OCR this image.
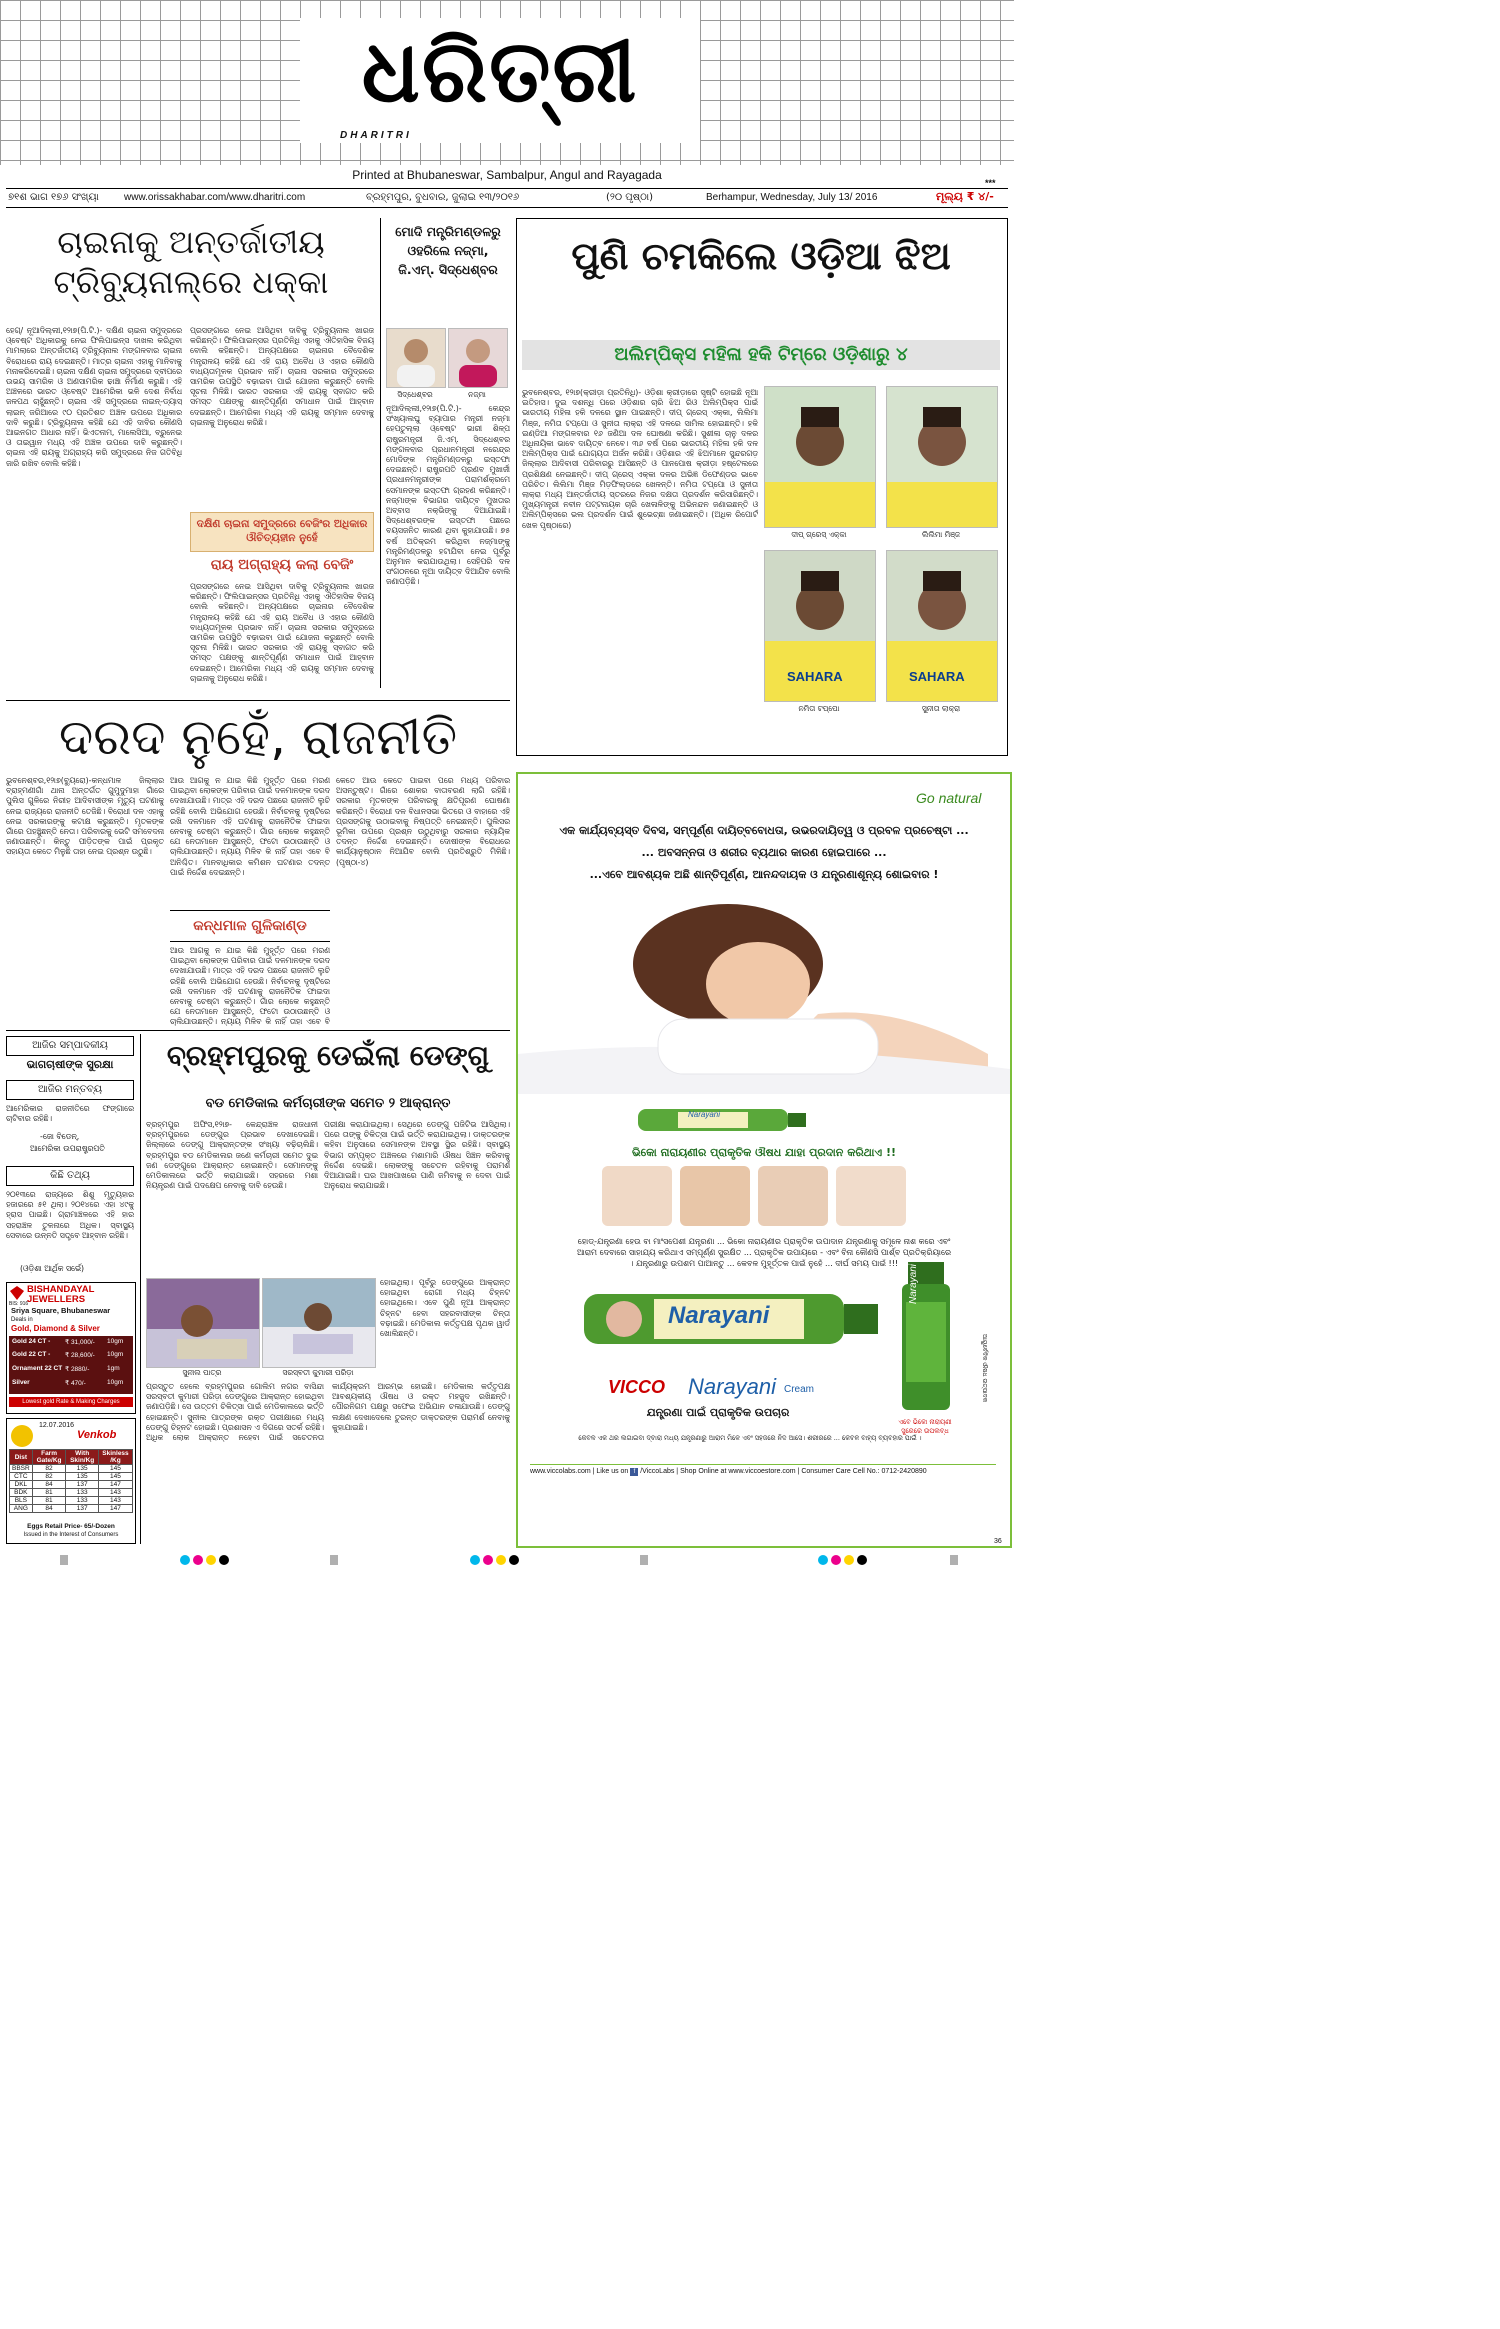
ଧରିତ୍ରୀ
DHARITRI
Printed at Bhubaneswar, Sambalpur, Angul and Rayagada
***
୭୧ଶ ଭାଗ ୧୭୬ ସଂଖ୍ୟା	www.orissakhabar.com/www.dharitri.com	ବ୍ରହ୍ମପୁର, ବୁଧବାର, ଜୁଲାଇ ୧୩/୨୦୧୬	(୨୦ ପୃଷ୍ଠା)	Berhampur, Wednesday, July 13/ 2016	ମୂଲ୍ୟ ₹ ୪/-
ଚାଇନାକୁ ଅନ୍ତର୍ଜାତୀୟ
ଟ୍ରିବ୍ୟୁନାଲ୍‌ରେ ଧକ୍କା
ହେଗ୍‌/ ନୂଆଦିଲ୍ଲୀ,୧୨ା୭(ପି.ଟି.)- ଦକ୍ଷିଣ ଚାଇନା ସମୁଦ୍ରରେ ଓ୍ବେଷ୍ଟ ଅଧିକାରକୁ ନେଇ ଫିଲିପାଇନ୍‌ସ ଦାଖଲ କରିଥିବା ମାମଲାରେ ଅନ୍ତର୍ଜାତୀୟ ଟ୍ରିବ୍ୟୁନାଲ ମଙ୍ଗଳବାର ଚାଇନା ବିରୋଧରେ ରାୟ ଦେଇଛନ୍ତି। ମାତ୍ର ଚାଇନା ଏହାକୁ ମାନିବାକୁ ମନାକରିଦେଇଛି। ଚାଇନା ଦକ୍ଷିଣ ଚାଇନା ସମୁଦ୍ରରେ ଦ୍ବୀପରେ ଉଭୟ ସାମରିକ ଓ ଅଣସାମରିକ ଢାଞ୍ଚା ନିର୍ମାଣ କରୁଛି। ଏହି ଅଞ୍ଚଳରେ ଭାରତ ଓ୍ବେଷ୍ଟ ଆମେରିକା ଭଳି ଦେଶ ନିର୍ବାଧ ଜଳପଥ ଚାହୁଁଛନ୍ତି। ଚାଇନା ଏହି ସମୁଦ୍ରରେ ନାଇନ୍-ଡ୍ୟାସ୍ ଲାଇନ୍ ଜରିଆରେ ୯୦ ପ୍ରତିଶତ ଅଞ୍ଚଳ ଉପରେ ଅଧିକାର ଦାବି କରୁଛି। ଟ୍ରିବ୍ୟୁନାଲ କହିଛି ଯେ ଏହି ଦାବିର କୌଣସି ଆଇନଗତ ଆଧାର ନାହିଁ। ଭିଏତନାମ, ମାଲେସିଆ, ବ୍ରୁନେଇ ଓ ତାଇୱାନ ମଧ୍ୟ ଏହି ଅଞ୍ଚଳ ଉପରେ ଦାବି କରୁଛନ୍ତି। ଚାଇନା ଏହି ରାୟକୁ ଅଗ୍ରାହ୍ୟ କରି ସମୁଦ୍ରରେ ନିଜ ଗତିବିଧି ଜାରି ରଖିବ ବୋଲି କହିଛି।
ପ୍ରସଙ୍ଗରେ ନେଇ ଆସିଥିବା ଦାବିକୁ ଟ୍ରିବ୍ୟୁନାଲ ଖାରଜ କରିଛନ୍ତି। ଫିଲିପାଇନ୍‌ସର ପ୍ରତିନିଧି ଏହାକୁ ଐତିହାସିକ ବିଜୟ ବୋଲି କହିଛନ୍ତି। ଅନ୍ୟପକ୍ଷରେ ଚାଇନାର ବୈଦେଶିକ ମନ୍ତ୍ରାଳୟ କହିଛି ଯେ ଏହି ରାୟ ଅବୈଧ ଓ ଏହାର କୌଣସି ବାଧ୍ୟତାମୂଳକ ପ୍ରଭାବ ନାହିଁ। ଚାଇନା ସରକାର ସମୁଦ୍ରରେ ସାମରିକ ଉପସ୍ଥିତି ବଢ଼ାଇବା ପାଇଁ ଯୋଜନା କରୁଛନ୍ତି ବୋଲି ସୂଚନା ମିଳିଛି। ଭାରତ ସରକାର ଏହି ରାୟକୁ ସ୍ବାଗତ କରି ସମସ୍ତ ପକ୍ଷଙ୍କୁ ଶାନ୍ତିପୂର୍ଣ୍ଣ ସମାଧାନ ପାଇଁ ଆହ୍ବାନ ଦେଇଛନ୍ତି। ଆମେରିକା ମଧ୍ୟ ଏହି ରାୟକୁ ସମ୍ମାନ ଦେବାକୁ ଚାଇନାକୁ ଅନୁରୋଧ କରିଛି।
ଦକ୍ଷିଣ ଚାଇନା ସମୁଦ୍ରରେ ବେଜିଂର ଅଧିକାର ଔଚିତ୍ୟହୀନ ନୁହେଁ
ରାୟ ଅଗ୍ରାହ୍ୟ କଲା ବେଜିଂ
ପ୍ରସଙ୍ଗରେ ନେଇ ଆସିଥିବା ଦାବିକୁ ଟ୍ରିବ୍ୟୁନାଲ ଖାରଜ କରିଛନ୍ତି। ଫିଲିପାଇନ୍‌ସର ପ୍ରତିନିଧି ଏହାକୁ ଐତିହାସିକ ବିଜୟ ବୋଲି କହିଛନ୍ତି। ଅନ୍ୟପକ୍ଷରେ ଚାଇନାର ବୈଦେଶିକ ମନ୍ତ୍ରାଳୟ କହିଛି ଯେ ଏହି ରାୟ ଅବୈଧ ଓ ଏହାର କୌଣସି ବାଧ୍ୟତାମୂଳକ ପ୍ରଭାବ ନାହିଁ। ଚାଇନା ସରକାର ସମୁଦ୍ରରେ ସାମରିକ ଉପସ୍ଥିତି ବଢ଼ାଇବା ପାଇଁ ଯୋଜନା କରୁଛନ୍ତି ବୋଲି ସୂଚନା ମିଳିଛି। ଭାରତ ସରକାର ଏହି ରାୟକୁ ସ୍ବାଗତ କରି ସମସ୍ତ ପକ୍ଷଙ୍କୁ ଶାନ୍ତିପୂର୍ଣ୍ଣ ସମାଧାନ ପାଇଁ ଆହ୍ବାନ ଦେଇଛନ୍ତି। ଆମେରିକା ମଧ୍ୟ ଏହି ରାୟକୁ ସମ୍ମାନ ଦେବାକୁ ଚାଇନାକୁ ଅନୁରୋଧ କରିଛି।
ମୋଦି ମନ୍ତ୍ରିମଣ୍ଡଳରୁ
ଓହରିଲେ ନଜ୍‌ମା,
ଜି.ଏମ୍. ସିଦ୍ଧେଶ୍ବର
ସିଦ୍ଧେଶ୍ବର	ନଜ୍‌ମା
ନୂଆଦିଲ୍ଲୀ,୧୨ା୭(ପି.ଟି.)- କେନ୍ଦ୍ର ସଂଖ୍ୟାଲଘୁ ବ୍ୟାପାର ମନ୍ତ୍ରୀ ନଜ୍‌ମା ହେପତୁଲ୍ଲା ଓ୍ବେଷ୍ଟ ଭାରୀ ଶିଳ୍ପ ରାଷ୍ଟ୍ରମନ୍ତ୍ରୀ ଜି.ଏମ୍. ସିଦ୍ଧେଶ୍ବର ମଙ୍ଗଳବାର ପ୍ରଧାନମନ୍ତ୍ରୀ ନରେନ୍ଦ୍ର ମୋଦିଙ୍କ ମନ୍ତ୍ରିମଣ୍ଡଳରୁ ଇସ୍ତଫା ଦେଇଛନ୍ତି। ରାଷ୍ଟ୍ରପତି ପ୍ରଣବ ମୁଖାର୍ଜୀ ପ୍ରଧାନମନ୍ତ୍ରୀଙ୍କ ପରାମର୍ଶକ୍ରମେ ସେମାନଙ୍କ ଇସ୍ତଫା ଗ୍ରହଣ କରିଛନ୍ତି। ନଜ୍‌ମାଙ୍କ ବିଭାଗର ଦାୟିତ୍ବ ମୁଖତାର ଅବ୍ବାସ ନକ୍‌ଭିଙ୍କୁ ଦିଆଯାଇଛି। ସିଦ୍ଧେଶ୍ବରଙ୍କ ଇସ୍ତଫା ପଛରେ ବୟସଜନିତ କାରଣ ଥିବା କୁହାଯାଉଛି। ୭୫ ବର୍ଷ ଅତିକ୍ରମ କରିଥିବା ନଜ୍‌ମାଙ୍କୁ ମନ୍ତ୍ରିମଣ୍ଡଳରୁ ହଟାଯିବା ନେଇ ପୂର୍ବରୁ ଅନୁମାନ କରାଯାଉଥିଲା। ସେହିପରି ଦଳ ସଂଗଠନରେ ନୂଆ ଦାୟିତ୍ବ ଦିଆଯିବ ବୋଲି ଜଣାପଡ଼ିଛି।
ପୁଣି ଚମକିଲେ ଓଡ଼ିଆ ଝିଅ
ଅଲିମ୍ପିକ୍ସ ମହିଳା ହକି ଟିମ୍‌ରେ ଓଡ଼ିଶାରୁ ୪
ଭୁବନେଶ୍ବର, ୧୨ା୭(କ୍ରୀଡ଼ା ପ୍ରତିନିଧି)- ଓଡ଼ିଶା କ୍ରୀଡ଼ାରେ ସୃଷ୍ଟି ହୋଇଛି ନୂଆ ଇତିହାସ। ଦୁଇ ଦଶନ୍ଧି ପରେ ଓଡ଼ିଶାର ଚାରି ଝିଅ ରିଓ ଅଲିମ୍ପିକ୍ସ ପାଇଁ ଭାରତୀୟ ମହିଳା ହକି ଦଳରେ ସ୍ଥାନ ପାଇଛନ୍ତି। ଦୀପ୍ ଗ୍ରେସ୍ ଏକ୍କା, ଲିଲିମା ମିଞ୍ଜ, ନମିତା ଟପ୍ପୋ ଓ ସୁନୀତା ଲାକ୍ରା ଏହି ଦଳରେ ସାମିଲ ହୋଇଛନ୍ତି। ହକି ଇଣ୍ଡିଆ ମଙ୍ଗଳବାର ୧୬ ଜଣିଆ ଦଳ ଘୋଷଣା କରିଛି। ସୁଶୀଳା ଚାନୁ ଦଳର ଅଧିନାୟିକା ଭାବେ ଦାୟିତ୍ବ ନେବେ। ୩୬ ବର୍ଷ ପରେ ଭାରତୀୟ ମହିଳା ହକି ଦଳ ଅଲିମ୍ପିକ୍ସ ପାଇଁ ଯୋଗ୍ୟତା ଅର୍ଜନ କରିଛି। ଓଡ଼ିଶାର ଏହି ଝିଅମାନେ ସୁନ୍ଦରଗଡ଼ ଜିଲ୍ଲାର ଆଦିବାସୀ ପରିବାରରୁ ଆସିଛନ୍ତି ଓ ପାନପୋଷ କ୍ରୀଡ଼ା ହଷ୍ଟେଲରେ ପ୍ରଶିକ୍ଷଣ ନେଇଛନ୍ତି। ଦୀପ୍ ଗ୍ରେସ୍ ଏକ୍କା ଦଳର ଅଭିଜ୍ଞ ଡିଫେଣ୍ଡର ଭାବେ ପରିଚିତ। ଲିଲିମା ମିଞ୍ଜ ମିଡ଼ଫିଲ୍ଡରେ ଖେଳନ୍ତି। ନମିତା ଟପ୍ପୋ ଓ ସୁନୀତା ଲାକ୍ରା ମଧ୍ୟ ଆନ୍ତର୍ଜାତୀୟ ସ୍ତରରେ ନିଜର ଦକ୍ଷତା ପ୍ରଦର୍ଶନ କରିସାରିଛନ୍ତି। ମୁଖ୍ୟମନ୍ତ୍ରୀ ନବୀନ ପଟ୍ଟନାୟକ ଚାରି ଖେଳାଳିଙ୍କୁ ଅଭିନନ୍ଦନ ଜଣାଇଛନ୍ତି ଓ ଅଲିମ୍ପିକ୍ସରେ ଭଲ ପ୍ରଦର୍ଶନ ପାଇଁ ଶୁଭେଚ୍ଛା ଜଣାଇଛନ୍ତି। (ଅଧିକ ରିପୋର୍ଟ ଖେଳ ପୃଷ୍ଠାରେ)
ଦୀପ୍ ଗ୍ରେସ୍ ଏକ୍କା	ଲିଲିମା ମିଞ୍ଜ
SAHARA	SAHARA
ନମିତା ଟପ୍ପୋ	ସୁନୀତା ଲାକ୍ରା
ଦରଦ ନୁହେଁ, ରାଜନୀତି
ଭୁବନେଶ୍ବର,୧୨ା୭(ବ୍ୟୁରୋ)-କନ୍ଧମାଳ ଜିଲ୍ଲାର ବ୍ରାହ୍ମଣୀଗାଁ ଥାନା ଅନ୍ତର୍ଗତ ଗୁମୁଦୁମାହା ଗାଁରେ ପୁଲିସ ଗୁଳିରେ ନିରୀହ ଆଦିବାସୀଙ୍କ ମୃତ୍ୟୁ ଘଟଣାକୁ ନେଇ ରାଜ୍ୟରେ ରାଜନୀତି ତେଜିଛି। ବିରୋଧୀ ଦଳ ଏହାକୁ ନେଇ ସରକାରଙ୍କୁ କଟାକ୍ଷ କରୁଛନ୍ତି। ମୃତକଙ୍କ ଗାଁରେ ପହଞ୍ଚୁଛନ୍ତି ନେତା। ପରିବାରକୁ ଭେଟି ସମବେଦନା ଜଣାଉଛନ୍ତି। କିନ୍ତୁ ପୀଡ଼ିତଙ୍କ ପାଇଁ ପ୍ରକୃତ ସହାୟତା କେତେ ମିଳୁଛି ତାହା ନେଇ ପ୍ରଶ୍ନ ଉଠୁଛି।
ଆଉ ଆଗକୁ ନ ଯାଇ କିଛି ମୁହୂର୍ତ୍ତ ପରେ ମରଣ ପାଇଥିବା ଲୋକଙ୍କ ପରିବାର ପାଇଁ ଦଳମାନଙ୍କ ଦରଦ ଦେଖାଯାଉଛି। ମାତ୍ର ଏହି ଦରଦ ପଛରେ ରାଜନୀତି ଲୁଚି ରହିଛି ବୋଲି ଅଭିଯୋଗ ହେଉଛି। ନିର୍ବାଚନକୁ ଦୃଷ୍ଟିରେ ରଖି ଦଳମାନେ ଏହି ଘଟଣାକୁ ରାଜନୈତିକ ଫାଇଦା ନେବାକୁ ଚେଷ୍ଟା କରୁଛନ୍ତି। ଗାଁର ଲୋକେ କହୁଛନ୍ତି ଯେ ନେତାମାନେ ଆସୁଛନ୍ତି, ଫଟୋ ଉଠାଉଛନ୍ତି ଓ ଚାଲିଯାଉଛନ୍ତି। ନ୍ୟାୟ ମିଳିବ କି ନାହିଁ ତାହା ଏବେ ବି ଅନିଶ୍ଚିତ। ମାନବାଧିକାର କମିଶନ ଘଟଣାର ତଦନ୍ତ ପାଇଁ ନିର୍ଦ୍ଦେଶ ଦେଇଛନ୍ତି।
କନ୍ଧମାଳ ଗୁଳିକାଣ୍ଡ
ଆଉ ଆଗକୁ ନ ଯାଇ କିଛି ମୁହୂର୍ତ୍ତ ପରେ ମରଣ ପାଇଥିବା ଲୋକଙ୍କ ପରିବାର ପାଇଁ ଦଳମାନଙ୍କ ଦରଦ ଦେଖାଯାଉଛି। ମାତ୍ର ଏହି ଦରଦ ପଛରେ ରାଜନୀତି ଲୁଚି ରହିଛି ବୋଲି ଅଭିଯୋଗ ହେଉଛି। ନିର୍ବାଚନକୁ ଦୃଷ୍ଟିରେ ରଖି ଦଳମାନେ ଏହି ଘଟଣାକୁ ରାଜନୈତିକ ଫାଇଦା ନେବାକୁ ଚେଷ୍ଟା କରୁଛନ୍ତି। ଗାଁର ଲୋକେ କହୁଛନ୍ତି ଯେ ନେତାମାନେ ଆସୁଛନ୍ତି, ଫଟୋ ଉଠାଉଛନ୍ତି ଓ ଚାଲିଯାଉଛନ୍ତି। ନ୍ୟାୟ ମିଳିବ କି ନାହିଁ ତାହା ଏବେ ବି
କେତେ ଆଉ କେତେ ପାଇବା ପରେ ମଧ୍ୟ ପରିବାର ଅସନ୍ତୁଷ୍ଟ। ଗାଁରେ ଶୋକର ବାତାବରଣ ଲାଗି ରହିଛି। ସରକାର ମୃତକଙ୍କ ପରିବାରକୁ କ୍ଷତିପୂରଣ ଘୋଷଣା କରିଛନ୍ତି। ବିରୋଧୀ ଦଳ ବିଧାନସଭା ଭିତରେ ଓ ବାହାରେ ଏହି ପ୍ରସଙ୍ଗକୁ ଉଠାଇବାକୁ ନିଷ୍ପତ୍ତି ନେଇଛନ୍ତି। ପୁଲିସର ଭୂମିକା ଉପରେ ପ୍ରଶ୍ନ ଉଠୁଥିବାରୁ ସରକାର ନ୍ୟାୟିକ ତଦନ୍ତ ନିର୍ଦ୍ଦେଶ ଦେଇଛନ୍ତି। ଦୋଷୀଙ୍କ ବିରୋଧରେ କାର୍ଯ୍ୟାନୁଷ୍ଠାନ ନିଆଯିବ ବୋଲି ପ୍ରତିଶ୍ରୁତି ମିଳିଛି। (ପୃଷ୍ଠା-୪)
ଆଜିର ସମ୍ପାଦକୀୟ
ଭାଗଚାଷୀଙ୍କ ସୁରକ୍ଷା
ଆଜିର ମନ୍ତବ୍ୟ
ଆମେରିକାର ରାଜନୀତିରେ ଫଙ୍ଗାରେ ଚାଟିବାର ରହିଛି।
-ଜୋ ବିଡେନ୍,
ଆମେରିକା ଉପରାଷ୍ଟ୍ରପତି
କିଛି ତଥ୍ୟ
୨୦୧୩ରେ ରାଜ୍ୟରେ ଶିଶୁ ମୃତ୍ୟୁହାର ହଜାରରେ ୫୧ ଥିଲା। ୨୦୧୪ରେ ଏହା ୪୯କୁ ହ୍ରାସ ପାଇଛି। ଗ୍ରାମାଞ୍ଚଳରେ ଏହି ହାର ସହରାଞ୍ଚଳ ତୁଳନାରେ ଅଧିକ। ସ୍ବାସ୍ଥ୍ୟ ସେବାରେ ଉନ୍ନତି ସତ୍ତ୍ବେ ଆହ୍ବାନ ରହିଛି।
(ଓଡ଼ିଶା ଆର୍ଥିକ ସର୍ଭେ)
BISHANDAYAL
JEWELLERS
BIS: 916
Sriya Square, Bhubaneswar
Deals in
Gold, Diamond & Silver
Gold 24 CT - ₹ 31,000/- 10gm
Gold 22 CT - ₹ 28,600/- 10gm
Ornament 22 CT ₹ 2880/-	1gm
Silver	₹ 470/-	10gm
Lowest gold Rate & Making Charges
12.07.2016
Venkob
Dist	Farm Gate/Kg	With Skin/Kg	Skinless /Kg
BBSR	82	135	145
CTC	82	135	145
DKL	84	137	147
BDK	81	133	143
BLS	81	133	143
ANG	84	137	147
Eggs Retail Price- 65/-Dozen
Issued in the Interest of Consumers
ବ୍ରହ୍ମପୁରକୁ ଡେଇଁଲା ଡେଙ୍ଗୁ
ବଡ ମେଡିକାଲ କର୍ମଚାରୀଙ୍କ ସମେତ ୨ ଆକ୍ରାନ୍ତ
ବ୍ରହ୍ମପୁର ଅଫିସ,୧୨ା୭- କେନ୍ଦ୍ରାଞ୍ଚଳ ରାଜଧାନୀ ବ୍ରହ୍ମପୁରରେ ଡେଙ୍ଗୁର ପ୍ରଭାବ ଦେଖାଦେଇଛି। ଜିଲ୍ଲାରେ ଡେଙ୍ଗୁ ଆକ୍ରାନ୍ତଙ୍କ ସଂଖ୍ୟା ବଢ଼ିଚାଲିଛି। ବ୍ରହ୍ମପୁର ବଡ ମେଡିକାଲର ଜଣେ କର୍ମଚାରୀ ସମେତ ଦୁଇ ଜଣ ଡେଙ୍ଗୁରେ ଆକ୍ରାନ୍ତ ହୋଇଛନ୍ତି। ସେମାନଙ୍କୁ ମେଡିକାଲରେ ଭର୍ତ୍ତି କରାଯାଇଛି। ସହରରେ ମଶା ନିୟନ୍ତ୍ରଣ ପାଇଁ ପଦକ୍ଷେପ ନେବାକୁ ଦାବି ହେଉଛି।
ପରୀକ୍ଷା କରାଯାଇଥିଲା। ସେଥିରେ ଡେଙ୍ଗୁ ପଜିଟିଭ ଆସିଥିଲା। ପରେ ତାଙ୍କୁ ଚିକିତ୍ସା ପାଇଁ ଭର୍ତ୍ତି କରାଯାଇଥିଲା। ଡାକ୍ତରଙ୍କ କହିବା ଅନୁସାରେ ସେମାନଙ୍କ ଅବସ୍ଥା ସ୍ଥିର ରହିଛି। ସ୍ବାସ୍ଥ୍ୟ ବିଭାଗ ସମ୍ପୃକ୍ତ ଅଞ୍ଚଳରେ ମଶାମାରି ଔଷଧ ସିଞ୍ଚନ କରିବାକୁ ନିର୍ଦ୍ଦେଶ ଦେଇଛି। ଲୋକଙ୍କୁ ସଚେତନ ରହିବାକୁ ପରାମର୍ଶ ଦିଆଯାଇଛି। ଘର ଆଖପାଖରେ ପାଣି ଜମିବାକୁ ନ ଦେବା ପାଇଁ ଅନୁରୋଧ କରାଯାଇଛି।
ସୁନୀଲ ପାତ୍ର	ସରସ୍ବତୀ କୁମାରୀ ପରିଡ଼ା
ହୋଇଥିଲା। ପୂର୍ବରୁ ଡେଙ୍ଗୁରେ ଆକ୍ରାନ୍ତ ହୋଇଥିବା ରୋଗୀ ମଧ୍ୟ ଚିହ୍ନଟ ହୋଇଥିଲେ। ଏବେ ପୁଣି ନୂଆ ଆକ୍ରାନ୍ତ ଚିହ୍ନଟ ହେବା ସହରବାସୀଙ୍କ ଚିନ୍ତା ବଢ଼ାଇଛି। ମେଡିକାଲ କର୍ତ୍ତୃପକ୍ଷ ପୃଥକ ୱାର୍ଡ ଖୋଲିଛନ୍ତି।
ପ୍ରସ୍ତୁତ ହେଲେ ବ୍ରହ୍ମପୁରର ଗୋଲିମ ନଗର ବାସିନ୍ଦା ସରସ୍ବତୀ କୁମାରୀ ପରିଡ଼ା ଡେଙ୍ଗୁରେ ଆକ୍ରାନ୍ତ ହୋଇଥିବା ଜଣାପଡ଼ିଛି। ସେ ଉତ୍ତମ ଚିକିତ୍ସା ପାଇଁ ମେଡିକାଲରେ ଭର୍ତ୍ତି ହୋଇଛନ୍ତି। ସୁନୀଲ ପାତ୍ରଙ୍କ ରକ୍ତ ପରୀକ୍ଷାରେ ମଧ୍ୟ ଡେଙ୍ଗୁ ଚିହ୍ନଟ ହୋଇଛି। ପ୍ରଶାସନ ଏ ଦିଗରେ ସତର୍କ ରହିଛି। ଅଧିକ ଲୋକ ଆକ୍ରାନ୍ତ ନହେବା ପାଇଁ ସଚେତନତା କାର୍ଯ୍ୟକ୍ରମ ଆରମ୍ଭ ହୋଇଛି। ମେଡିକାଲ କର୍ତ୍ତୃପକ୍ଷ ଆବଶ୍ୟକୀୟ ଔଷଧ ଓ ରକ୍ତ ମହଜୁଦ ରଖିଛନ୍ତି। ପୌରନିଗମ ପକ୍ଷରୁ ସଫେଇ ଅଭିଯାନ ଚଳାଯାଉଛି। ଡେଙ୍ଗୁ ଲକ୍ଷଣ ଦେଖାଦେଲେ ତୁରନ୍ତ ଡାକ୍ତରଙ୍କ ପରାମର୍ଶ ନେବାକୁ କୁହାଯାଇଛି।
Go natural
ଏକ କାର୍ଯ୍ୟବ୍ୟସ୍ତ ଦିବସ, ସମ୍ପୂର୍ଣ୍ଣ ଦାୟିତ୍ବବୋଧତା, ଉଭରଦାୟିତ୍ୱ ଓ ପ୍ରବଳ ପ୍ରଚେଷ୍ଟା ...
... ଅବସନ୍ନତା ଓ ଶରୀର ବ୍ୟଥାର କାରଣ ହୋଇପାରେ ...
...ଏବେ ଆବଶ୍ୟକ ଅଛି ଶାନ୍ତିପୂର୍ଣ୍ଣ, ଆନନ୍ଦଦାୟକ ଓ ଯନ୍ତ୍ରଣାଶୂନ୍ୟ ଶୋଇବାର !
Narayani
ଭିକୋ ନାରାୟଣୀର ପ୍ରାକୃତିକ ଔଷଧ ଯାହା ପ୍ରଦାନ କରିଥାଏ !!
ହୋଡ୍-ଯନ୍ତ୍ରଣା ହେଉ ବା ମାଂସପେଶୀ ଯନ୍ତ୍ରଣା ... ଭିକୋ ନାରାୟଣୀର ପ୍ରାକୃତିକ ଉପାଦାନ ଯନ୍ତ୍ରଣାକୁ ସମୂଳେ ନାଶ କରେ ଏବଂ ଆରାମ ଦେବାରେ ସାହାଯ୍ୟ କରିଥାଏ ସମ୍ପୂର୍ଣ୍ଣ ସୁରକ୍ଷିତ ... ପ୍ରାକୃତିକ ଉପାୟରେ - ଏବଂ ବିନା କୌଣସି ପାର୍ଶ୍ବ ପ୍ରତିକ୍ରିୟାରେ । ଯନ୍ତ୍ରଣାରୁ ଉପଶମ ପାଆନ୍ତୁ ... କେବଳ ମୁହୂର୍ତ୍ତକ ପାଇଁ ନୁହେଁ ... ଦୀର୍ଘ ସମୟ ପାଇଁ !!!
Narayani
Narayani
VICCO Narayani Cream
ଯନ୍ତ୍ରଣା ପାଇଁ ପ୍ରାକୃତିକ ଉପଚାର
ଏବେ ଭିକୋ ନାରାୟଣୀ ସ୍ପ୍ରେରେ ଉପଲବ୍ଧ
କେବଳ ଏକ ଥର ଲଗାଇବା ଦ୍ବାରା ମଧ୍ୟ ଯନ୍ତ୍ରଣାରୁ ଆରାମ ମିଳେ ଏବଂ ସହଜରେ ନିଦ ଆସେ। ଶରୀରରେ ... କେବଳ ବାହ୍ୟ ବ୍ୟବହାର ପାଇଁ ।
www.viccolabs.com | Like us on f /ViccoLabs | Shop Online at www.viccoestore.com | Consumer Care Cell No.: 0712-2420890
ଆୟୁର୍ବେଦିକ ଔଷଧ ଉତ୍ପାଦକ
36
